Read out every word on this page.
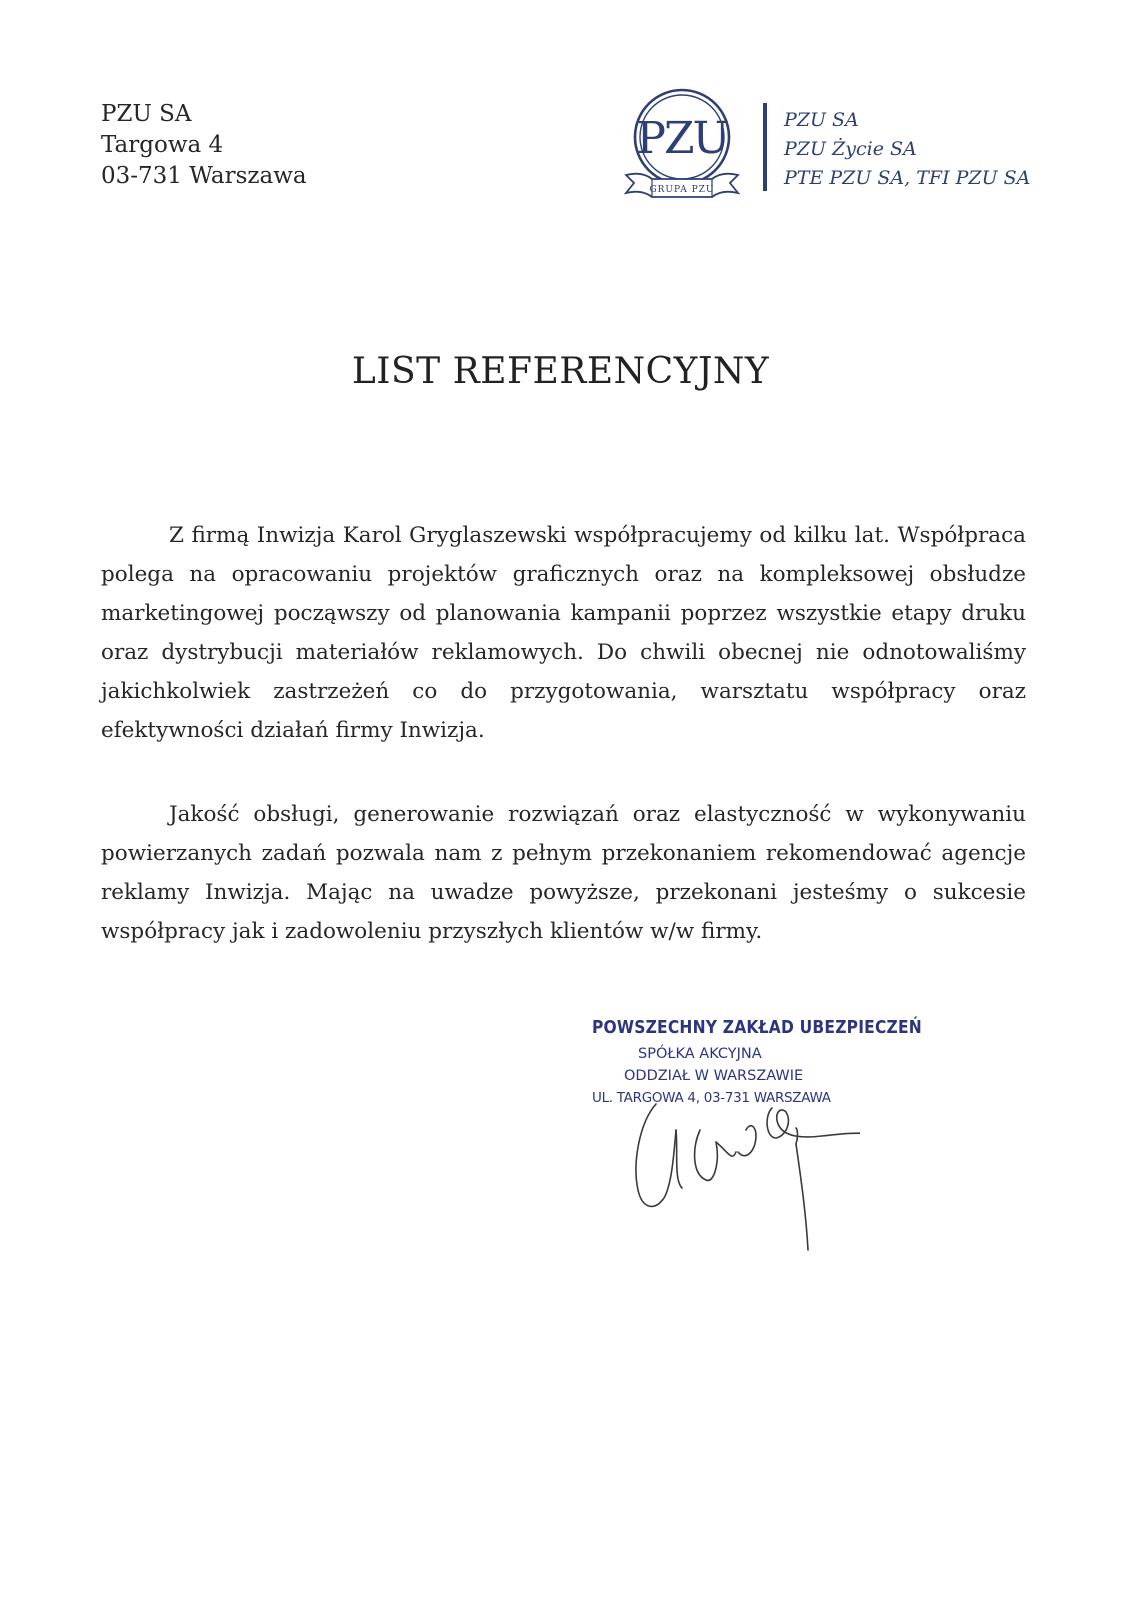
PZU SA
Targowa 4
03-731 Warszawa
PZU
GRUPA PZU
PZU SA
PZU Życie SA
PTE PZU SA, TFI PZU SA
LIST REFERENCYJNY

Z firmą Inwizja Karol Gryglaszewski współpracujemy od kilku lat. Współpraca polega na opracowaniu projektów graficznych oraz na kompleksowej obsłudze marketingowej począwszy od planowania kampanii poprzez wszystkie etapy druku oraz dystrybucji materiałów reklamowych. Do chwili obecnej nie odnotowaliśmy jakichkolwiek zastrzeżeń co do przygotowania, warsztatu współpracy oraz efektywności działań firmy Inwizja.

Jakość obsługi, generowanie rozwiązań oraz elastyczność w wykonywaniu powierzanych zadań pozwala nam z pełnym przekonaniem rekomendować agencje reklamy Inwizja. Mając na uwadze powyższe, przekonani jesteśmy o sukcesie współpracy jak i zadowoleniu przyszłych klientów w/w firmy.

POWSZECHNY ZAKŁAD UBEZPIECZEŃ
SPÓŁKA AKCYJNA
ODDZIAŁ W WARSZAWIE
UL. TARGOWA 4, 03-731 WARSZAWA
